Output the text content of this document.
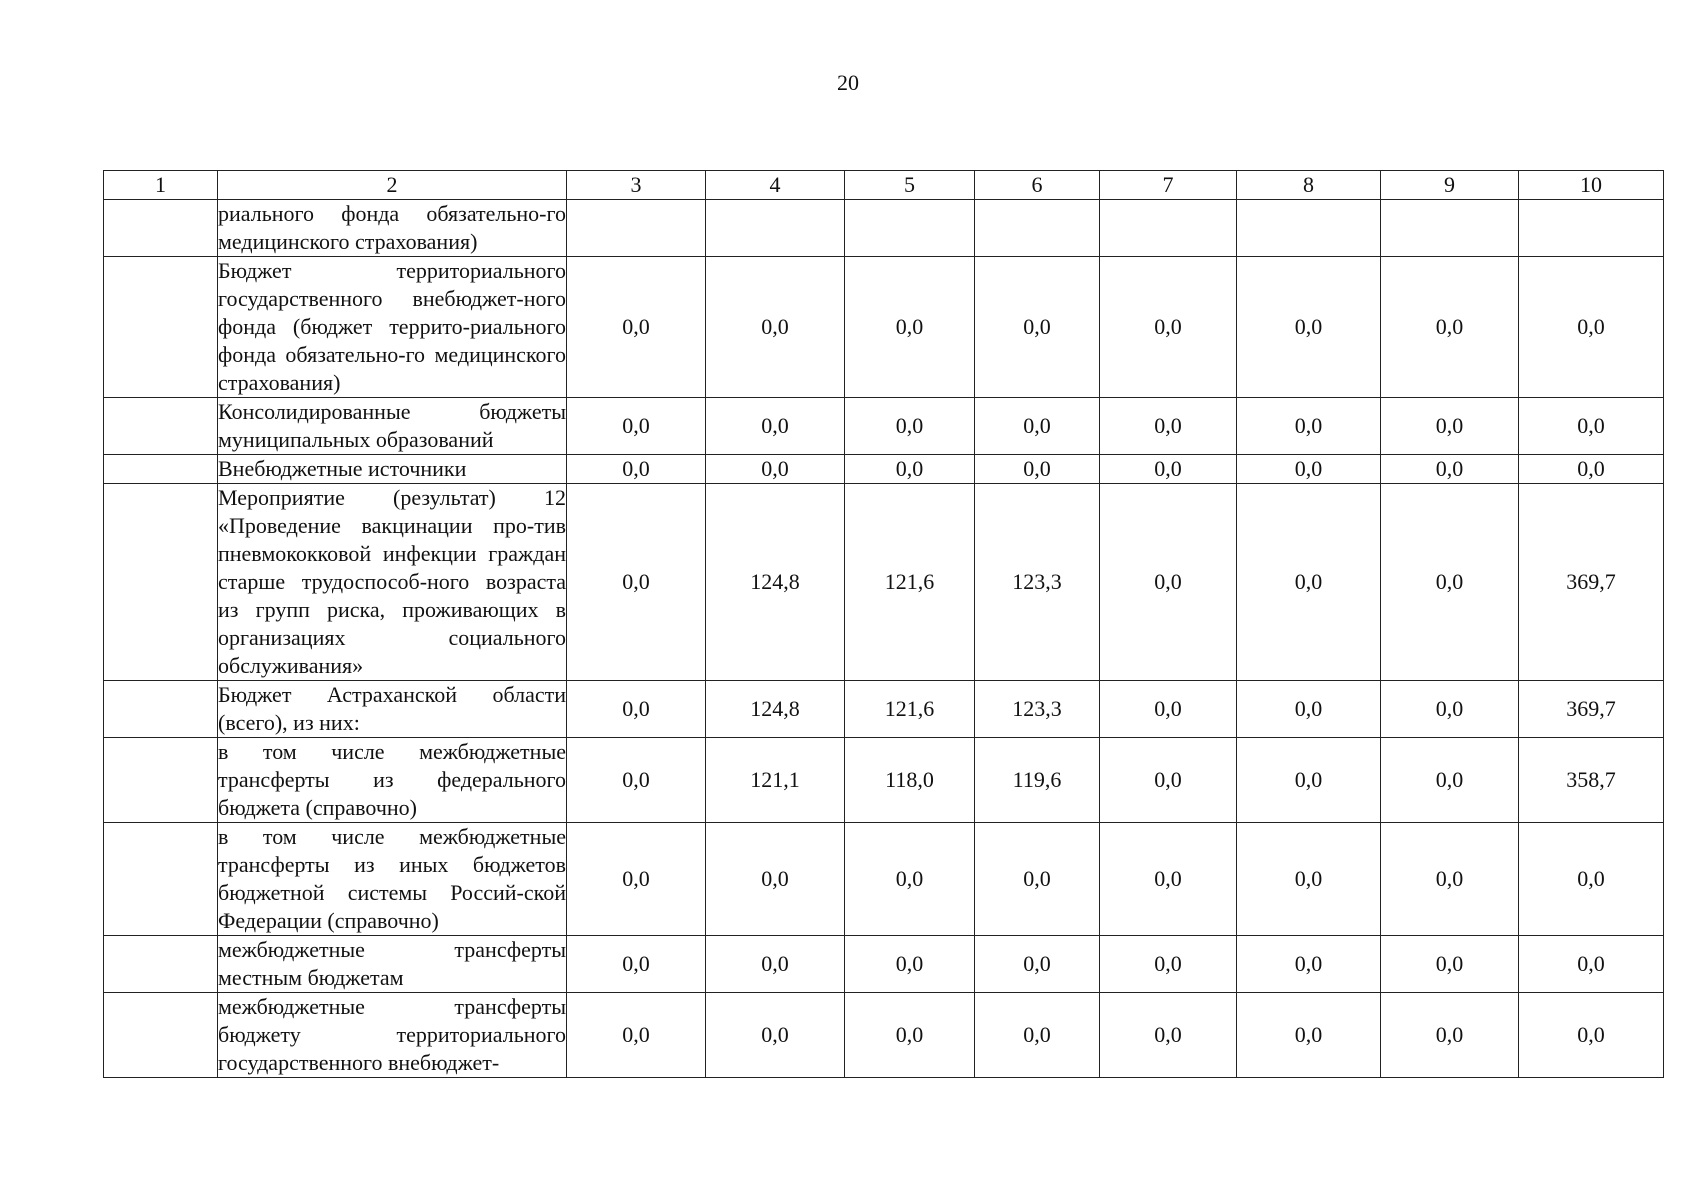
20
1	2	3	4	5	6	7	8	9	10
	риального фонда обязательно-го медицинского страхования)								
	Бюджет территориального государственного внебюджет-ного фонда (бюджет террито-риального фонда обязательно-го медицинского страхования)	0,0	0,0	0,0	0,0	0,0	0,0	0,0	0,0
	Консолидированные бюджеты муниципальных образований	0,0	0,0	0,0	0,0	0,0	0,0	0,0	0,0
	Внебюджетные источники	0,0	0,0	0,0	0,0	0,0	0,0	0,0	0,0
	Мероприятие (результат) 12 «Проведение вакцинации про-тив пневмококковой инфекции граждан старше трудоспособ-ного возраста из групп риска, проживающих в организациях социального обслуживания»	0,0	124,8	121,6	123,3	0,0	0,0	0,0	369,7
	Бюджет Астраханской области (всего), из них:	0,0	124,8	121,6	123,3	0,0	0,0	0,0	369,7
	в том числе межбюджетные трансферты из федерального бюджета (справочно)	0,0	121,1	118,0	119,6	0,0	0,0	0,0	358,7
	в том числе межбюджетные трансферты из иных бюджетов бюджетной системы Россий-ской Федерации (справочно)	0,0	0,0	0,0	0,0	0,0	0,0	0,0	0,0
	межбюджетные трансферты местным бюджетам	0,0	0,0	0,0	0,0	0,0	0,0	0,0	0,0
	межбюджетные трансферты бюджету территориального государственного внебюджет-	0,0	0,0	0,0	0,0	0,0	0,0	0,0	0,0
